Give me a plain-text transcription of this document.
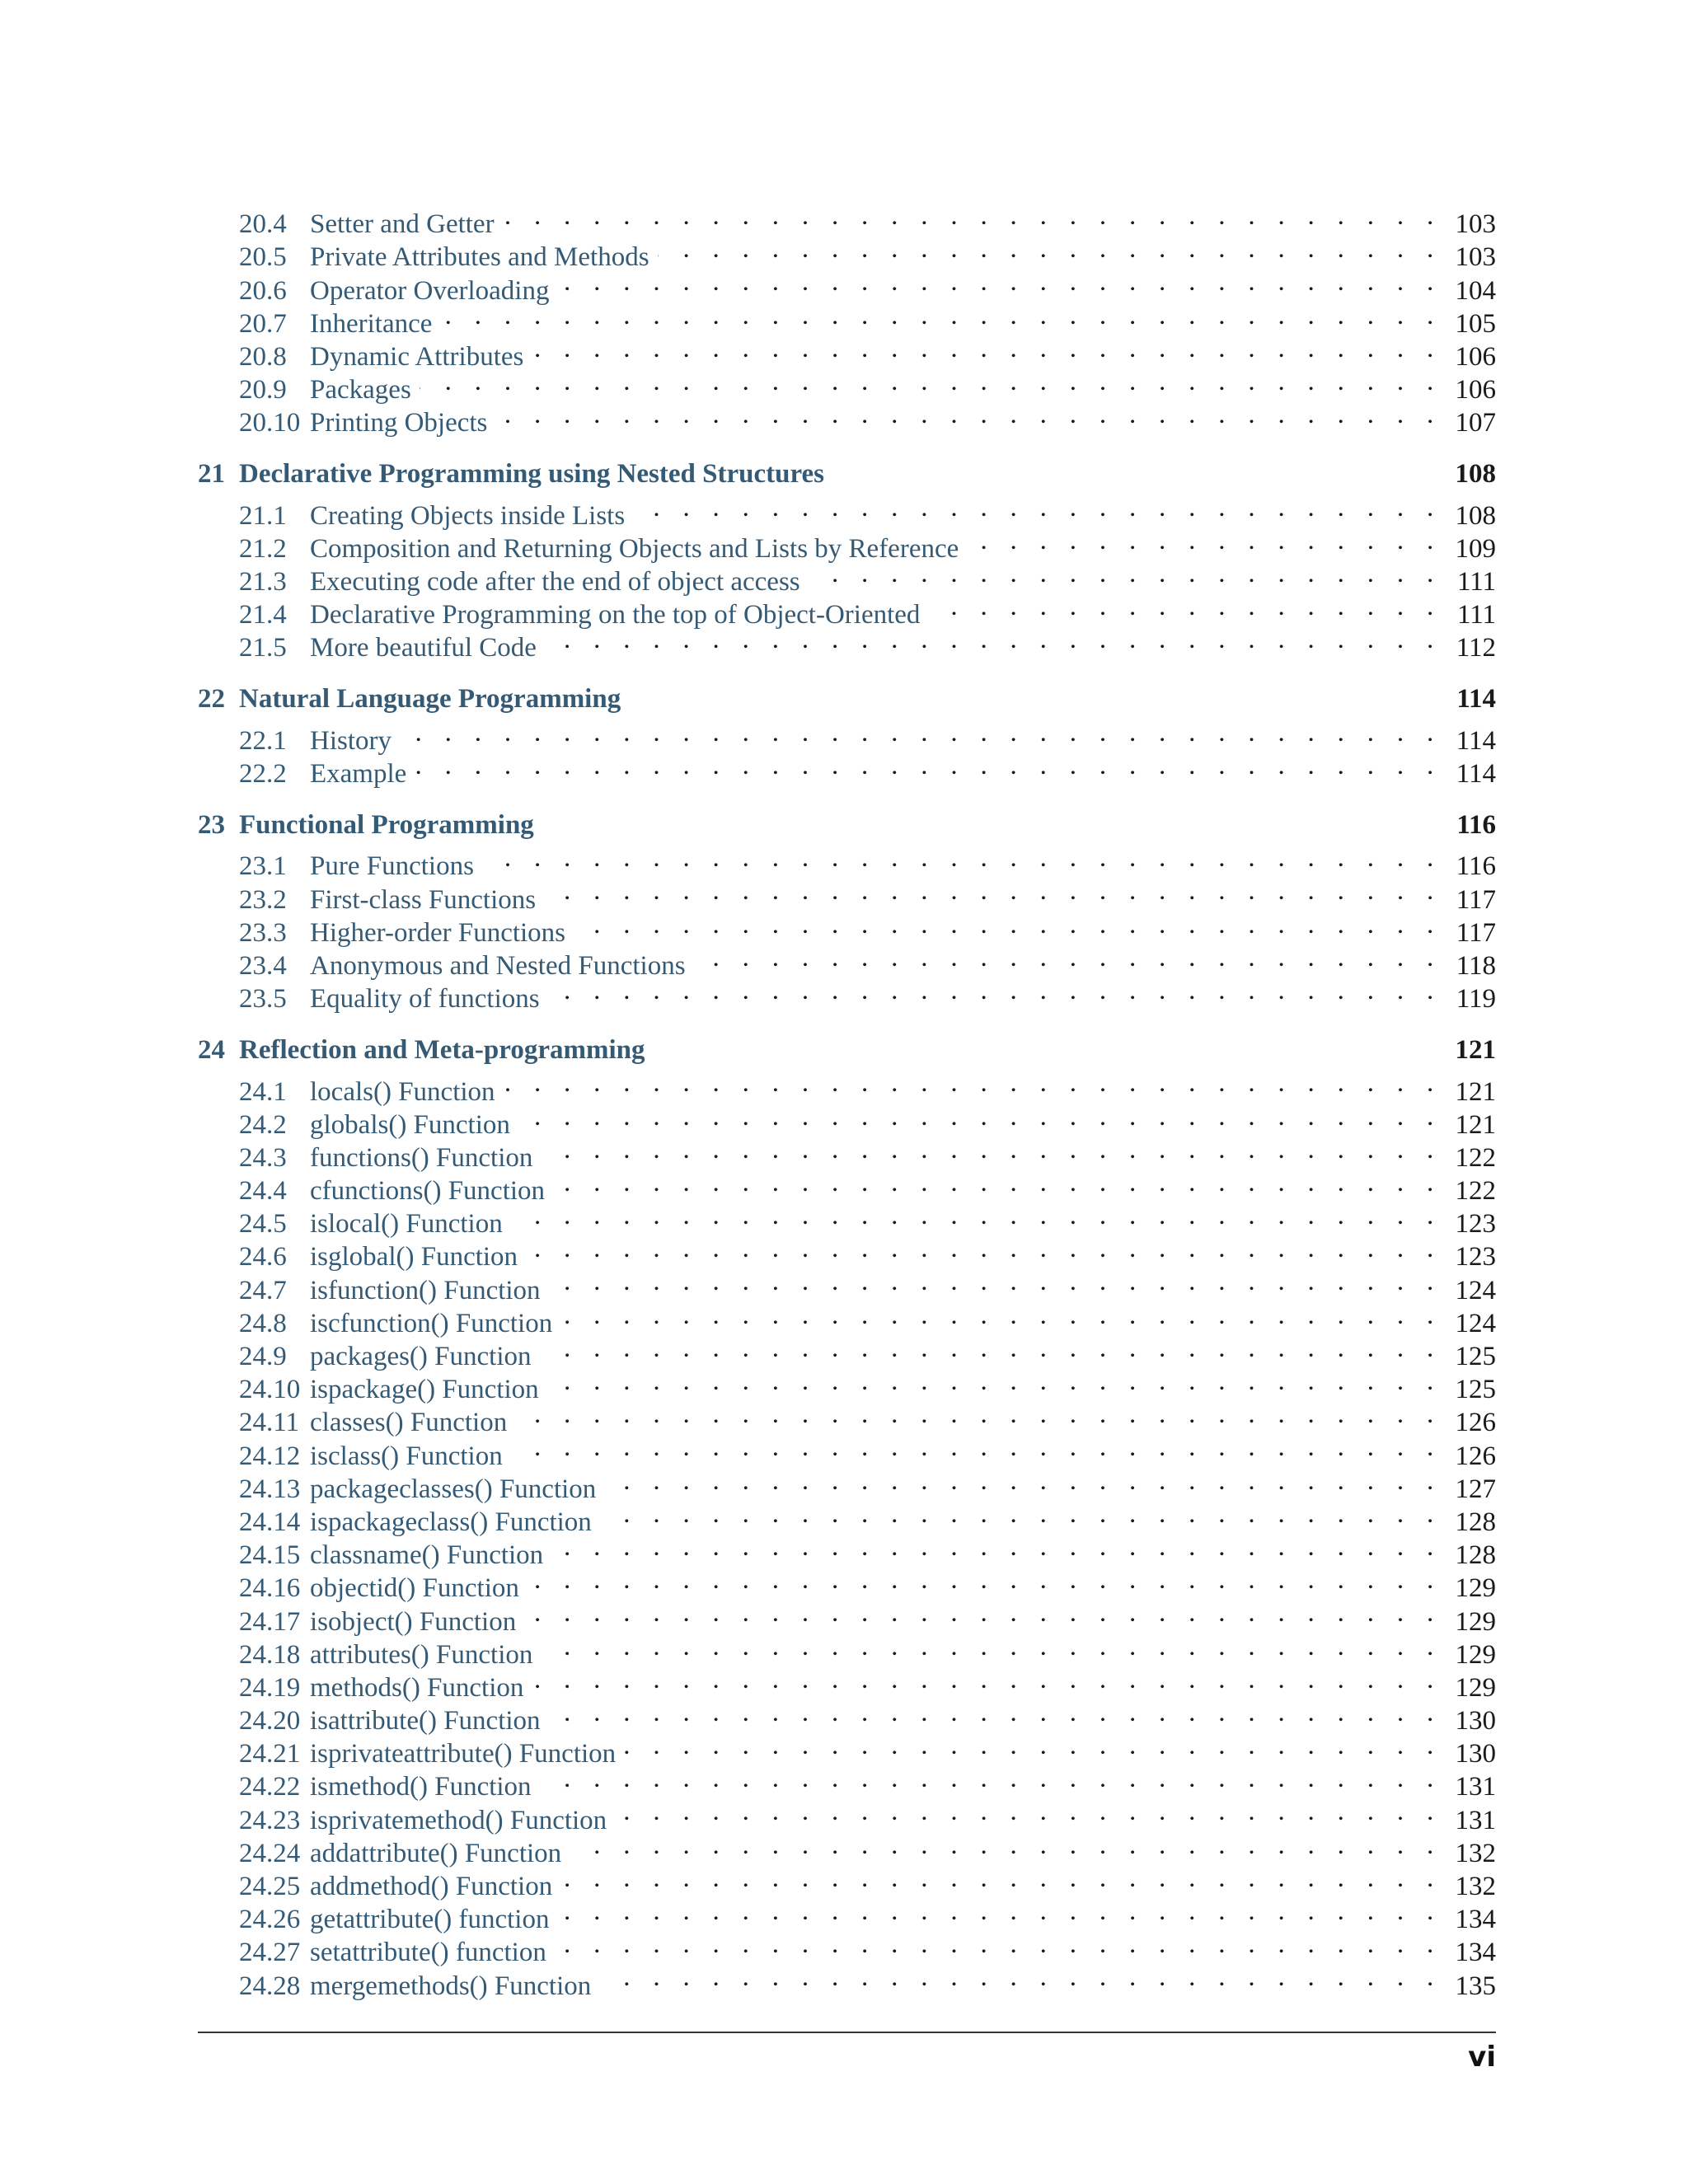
20.4 Setter and Getter . . .	103
20.5 Private Attributes and Methods . . .	103
20.6 Operator Overloading . . .	104
20.7 Inheritance . . .	105
20.8 Dynamic Attributes . . .	106
20.9 Packages . . .	106
20.10 Printing Objects . . .	107
21 Declarative Programming using Nested Structures	108
21.1 Creating Objects inside Lists . . .	108
21.2 Composition and Returning Objects and Lists by Reference . . .	109
21.3 Executing code after the end of object access . . .	111
21.4 Declarative Programming on the top of Object-Oriented . . .	111
21.5 More beautiful Code . . .	112
22 Natural Language Programming	114
22.1 History . . .	114
22.2 Example . . .	114
23 Functional Programming	116
23.1 Pure Functions . . .	116
23.2 First-class Functions . . .	117
23.3 Higher-order Functions . . .	117
23.4 Anonymous and Nested Functions . . .	118
23.5 Equality of functions . . .	119
24 Reflection and Meta-programming	121
24.1 locals() Function . . .	121
24.2 globals() Function . . .	121
24.3 functions() Function . . .	122
24.4 cfunctions() Function . . .	122
24.5 islocal() Function . . .	123
24.6 isglobal() Function . . .	123
24.7 isfunction() Function . . .	124
24.8 iscfunction() Function . . .	124
24.9 packages() Function . . .	125
24.10 ispackage() Function . . .	125
24.11 classes() Function . . .	126
24.12 isclass() Function . . .	126
24.13 packageclasses() Function . . .	127
24.14 ispackageclass() Function . . .	128
24.15 classname() Function . . .	128
24.16 objectid() Function . . .	129
24.17 isobject() Function . . .	129
24.18 attributes() Function . . .	129
24.19 methods() Function . . .	129
24.20 isattribute() Function . . .	130
24.21 isprivateattribute() Function . . .	130
24.22 ismethod() Function . . .	131
24.23 isprivatemethod() Function . . .	131
24.24 addattribute() Function . . .	132
24.25 addmethod() Function . . .	132
24.26 getattribute() function . . .	134
24.27 setattribute() function . . .	134
24.28 mergemethods() Function . . .	135
vi
